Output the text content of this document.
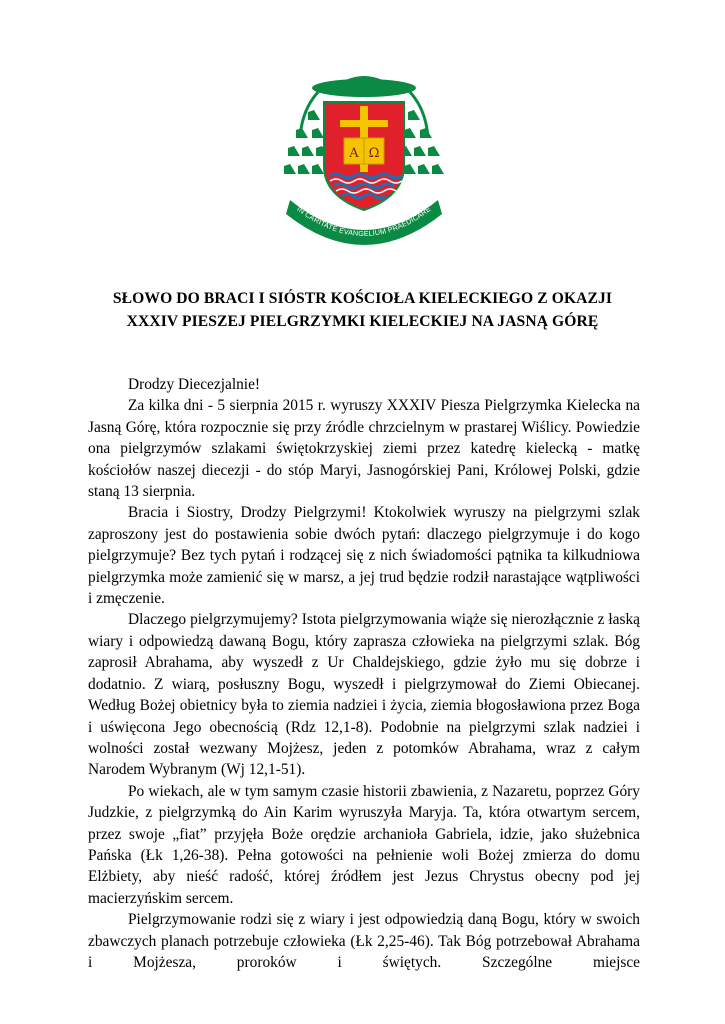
A Ω
IN CARITATE EVANGELIUM PRAEDICARE
SŁOWO DO BRACI I SIÓSTR KOŚCIOŁA KIELECKIEGO Z OKAZJI
XXXIV PIESZEJ PIELGRZYMKI KIELECKIEJ NA JASNĄ GÓRĘ

Drodzy Diecezjalnie!

Za kilka dni - 5 sierpnia 2015 r. wyruszy XXXIV Piesza Pielgrzymka Kielecka na Jasną Górę, która rozpocznie się przy źródle chrzcielnym w prastarej Wiślicy. Powiedzie ona pielgrzymów szlakami świętokrzyskiej ziemi przez katedrę kielecką - matkę kościołów naszej diecezji - do stóp Maryi, Jasnogórskiej Pani, Królowej Polski, gdzie staną 13 sierpnia.

Bracia i Siostry, Drodzy Pielgrzymi! Ktokolwiek wyruszy na pielgrzymi szlak zaproszony jest do postawienia sobie dwóch pytań: dlaczego pielgrzymuje i do kogo pielgrzymuje? Bez tych pytań i rodzącej się z nich świadomości pątnika ta kilkudniowa pielgrzymka może zamienić się w marsz, a jej trud będzie rodził narastające wątpliwości i zmęczenie.

Dlaczego pielgrzymujemy? Istota pielgrzymowania wiąże się nierozłącznie z łaską wiary i odpowiedzą dawaną Bogu, który zaprasza człowieka na pielgrzymi szlak. Bóg zaprosił Abrahama, aby wyszedł z Ur Chaldejskiego, gdzie żyło mu się dobrze i dodatnio. Z wiarą, posłuszny Bogu, wyszedł i pielgrzymował do Ziemi Obiecanej. Według Bożej obietnicy była to ziemia nadziei i życia, ziemia błogosławiona przez Boga i uświęcona Jego obecnością (Rdz 12,1-8). Podobnie na pielgrzymi szlak nadziei i wolności został wezwany Mojżesz, jeden z potomków Abrahama, wraz z całym Narodem Wybranym (Wj 12,1-51).

Po wiekach, ale w tym samym czasie historii zbawienia, z Nazaretu, poprzez Góry Judzkie, z pielgrzymką do Ain Karim wyruszyła Maryja. Ta, która otwartym sercem, przez swoje „fiat” przyjęła Boże orędzie archanioła Gabriela, idzie, jako służebnica Pańska (Łk 1,26-38). Pełna gotowości na pełnienie woli Bożej zmierza do domu Elżbiety, aby nieść radość, której źródłem jest Jezus Chrystus obecny pod jej macierzyńskim sercem.

Pielgrzymowanie rodzi się z wiary i jest odpowiedzią daną Bogu, który w swoich zbawczych planach potrzebuje człowieka (Łk 2,25-46). Tak Bóg potrzebował Abrahama i Mojżesza, proroków i świętych. Szczególne miejsce
